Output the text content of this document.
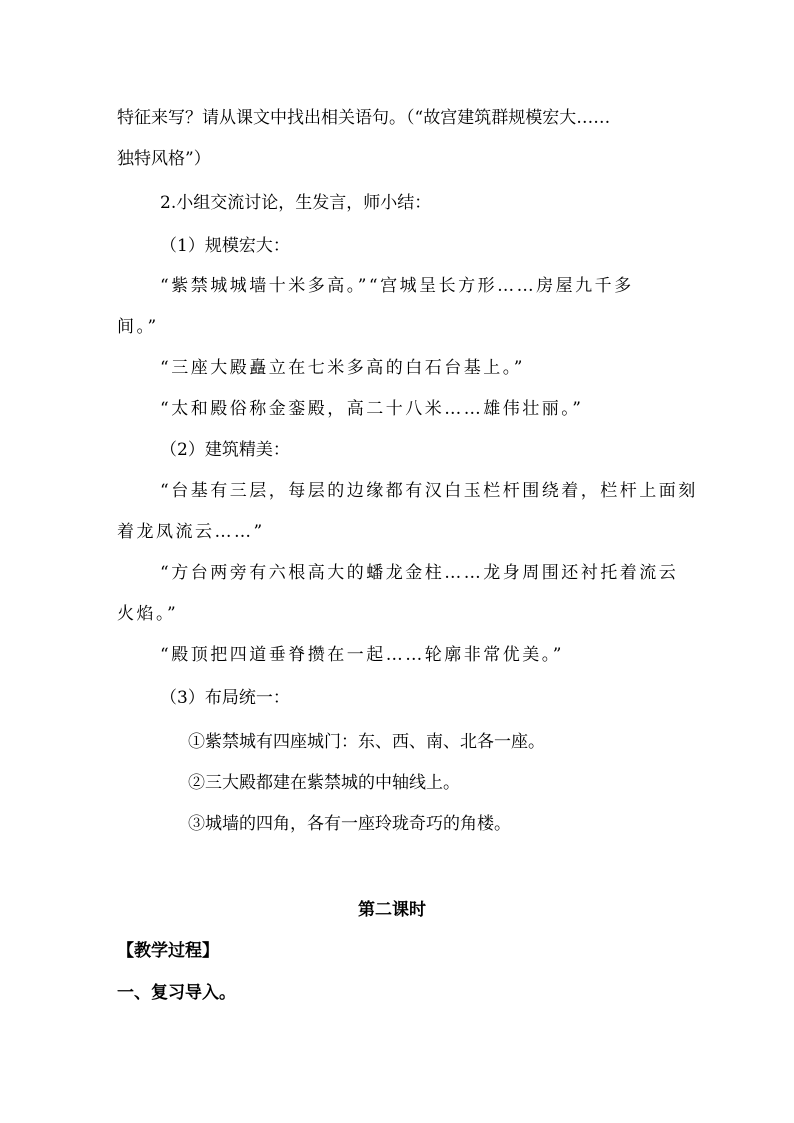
特征来写？请从课文中找出相关语句。（“故宫建筑群规模宏大……
独特风格”）
2.小组交流讨论，生发言，师小结：
（1）规模宏大：
“紫禁城城墙十米多高。”“宫城呈长方形……房屋九千多
间。”
“三座大殿矗立在七米多高的白石台基上。”
“太和殿俗称金銮殿，高二十八米……雄伟壮丽。”
（2）建筑精美：
“台基有三层，每层的边缘都有汉白玉栏杆围绕着，栏杆上面刻
着龙凤流云……”
“方台两旁有六根高大的蟠龙金柱……龙身周围还衬托着流云
火焰。”
“殿顶把四道垂脊攒在一起……轮廓非常优美。”
（3）布局统一：
①紫禁城有四座城门：东、西、南、北各一座。
②三大殿都建在紫禁城的中轴线上。
③城墙的四角，各有一座玲珑奇巧的角楼。
第二课时
【教学过程】
一、复习导入。
